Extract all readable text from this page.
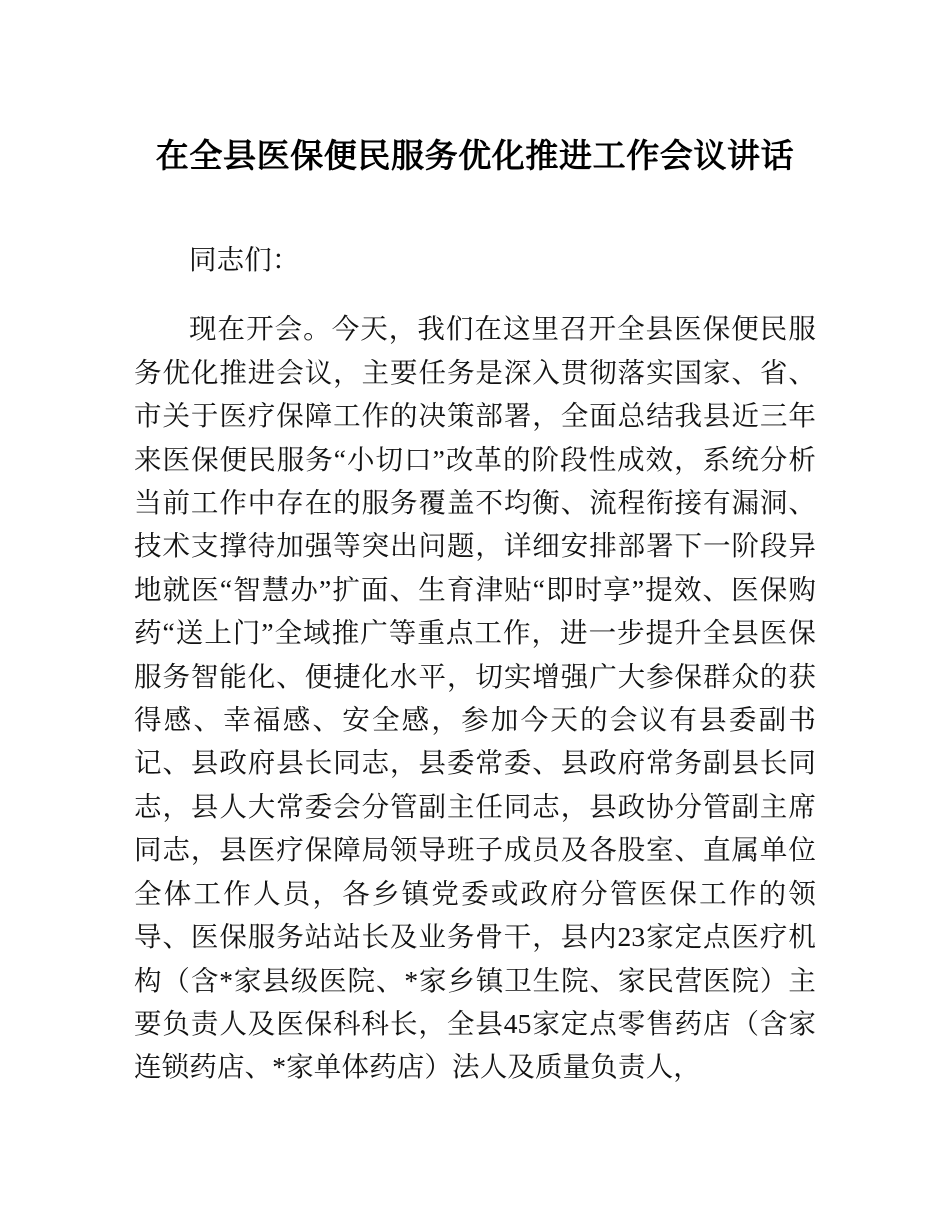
在全县医保便民服务优化推进工作会议讲话

同志们：

现在开会。今天，我们在这里召开全县医保便民服务优化推进会议，主要任务是深入贯彻落实国家、省、市关于医疗保障工作的决策部署，全面总结我县近三年来医保便民服务“小切口”改革的阶段性成效，系统分析当前工作中存在的服务覆盖不均衡、流程衔接有漏洞、技术支撑待加强等突出问题，详细安排部署下一阶段异地就医“智慧办”扩面、生育津贴“即时享”提效、医保购药“送上门”全域推广等重点工作，进一步提升全县医保服务智能化、便捷化水平，切实增强广大参保群众的获得感、幸福感、安全感，参加今天的会议有县委副书记、县政府县长同志，县委常委、县政府常务副县长同志，县人大常委会分管副主任同志，县政协分管副主席同志，县医疗保障局领导班子成员及各股室、直属单位全体工作人员，各乡镇党委或政府分管医保工作的领导、医保服务站站长及业务骨干，县内23家定点医疗机构（含*家县级医院、*家乡镇卫生院、家民营医院）主要负责人及医保科科长，全县45家定点零售药店（含家连锁药店、*家单体药店）法人及质量负责人，
